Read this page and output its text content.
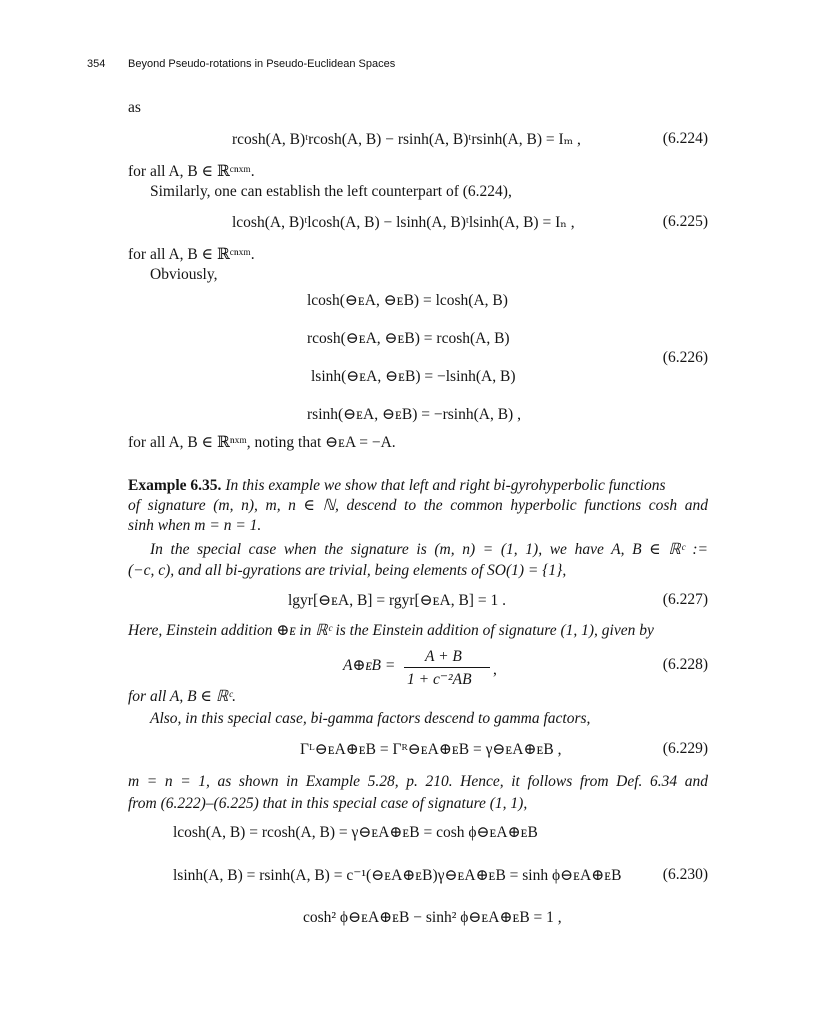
354 Beyond Pseudo-rotations in Pseudo-Euclidean Spaces
as
rcosh(A, B)ᵗrcosh(A, B) − rsinh(A, B)ᵗrsinh(A, B) = Iₘ ,	(6.224)
for all A, B ∈ ℝᶜⁿˣᵐ.
Similarly, one can establish the left counterpart of (6.224),
lcosh(A, B)ᵗlcosh(A, B) − lsinh(A, B)ᵗlsinh(A, B) = Iₙ ,	(6.225)
for all A, B ∈ ℝᶜⁿˣᵐ.
Obviously,
lcosh(⊖ᴇA, ⊖ᴇB) = lcosh(A, B)
rcosh(⊖ᴇA, ⊖ᴇB) = rcosh(A, B)
lsinh(⊖ᴇA, ⊖ᴇB) = −lsinh(A, B)
rsinh(⊖ᴇA, ⊖ᴇB) = −rsinh(A, B) ,
(6.226)
for all A, B ∈ ℝⁿˣᵐ, noting that ⊖ᴇA = −A.
Example 6.35. In this example we show that left and right bi-gyrohyperbolic functions
of signature (m, n), m, n ∈ ℕ, descend to the common hyperbolic functions cosh and
sinh when m = n = 1.
In the special case when the signature is (m, n) = (1, 1), we have A, B ∈ ℝᶜ :=
(−c, c), and all bi-gyrations are trivial, being elements of SO(1) = {1},
lgyr[⊖ᴇA, B] = rgyr[⊖ᴇA, B] = 1 .	(6.227)
Here, Einstein addition ⊕ᴇ in ℝᶜ is the Einstein addition of signature (1, 1), given by
A⊕ᴇB =
A + B
1 + c⁻²AB
,	(6.228)
for all A, B ∈ ℝᶜ.
Also, in this special case, bi-gamma factors descend to gamma factors,
Γᴸ⊖ᴇA⊕ᴇB = Γᴿ⊖ᴇA⊕ᴇB = γ⊖ᴇA⊕ᴇB ,	(6.229)
m = n = 1, as shown in Example 5.28, p. 210. Hence, it follows from Def. 6.34 and
from (6.222)–(6.225) that in this special case of signature (1, 1),
lcosh(A, B) = rcosh(A, B) = γ⊖ᴇA⊕ᴇB = cosh ϕ⊖ᴇA⊕ᴇB
lsinh(A, B) = rsinh(A, B) = c⁻¹(⊖ᴇA⊕ᴇB)γ⊖ᴇA⊕ᴇB = sinh ϕ⊖ᴇA⊕ᴇB	(6.230)
cosh² ϕ⊖ᴇA⊕ᴇB − sinh² ϕ⊖ᴇA⊕ᴇB = 1 ,
